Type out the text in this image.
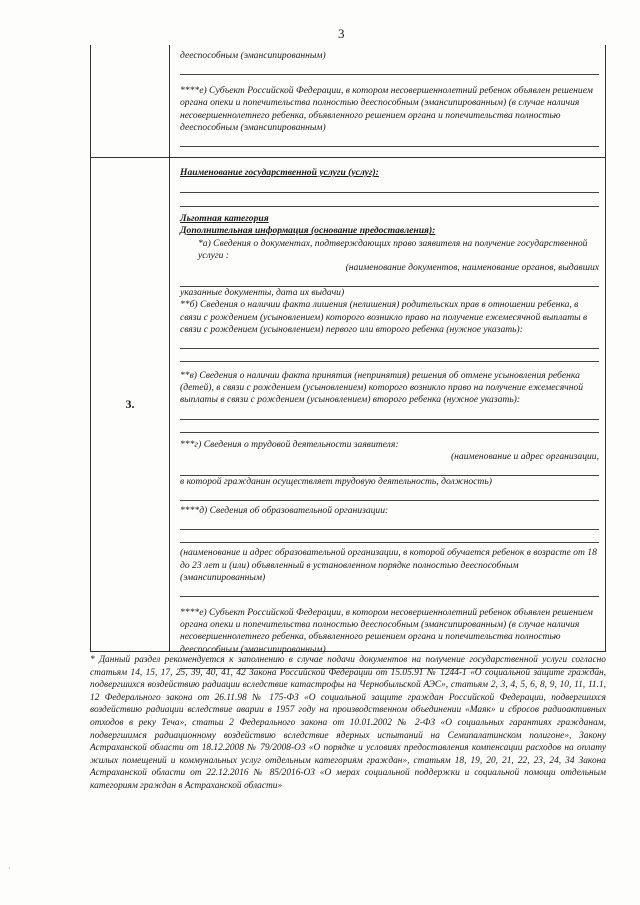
3

дееспособным (эмансипированным)

****е) Субъект Российской Федерации, в котором несовершеннолетний ребенок объявлен решением органа опеки и попечительства полностью дееспособным (эмансипированным) (в случае наличия несовершеннолетнего ребенка, объявленного решением органа и попечительства полностью дееспособным (эмансипированным)

3.

Наименование государственной услуги (услуг):

Льготная категория

Дополнительная информация (основание предоставления):

*а) Сведения о документах, подтверждающих право заявителя на получение государственной услуги :

(наименование документов, наименование органов, выдавших

указанные документы, дата их выдачи)

**б) Сведения о наличии факта лишения (нелишения) родительских прав в отношении ребенка, в связи с рождением (усыновлением) которого возникло право на получение ежемесячной выплаты в связи с рождением (усыновлением) первого или второго ребенка (нужное указать):

**в) Сведения о наличии факта принятия (непринятия) решения об отмене усыновления ребенка (детей), в связи с рождением (усыновлением) которого возникло право на получение ежемесячной выплаты в связи с рождением (усыновлением) второго ребенка (нужное указать):

***г) Сведения о трудовой деятельности заявителя:

(наименование и адрес организации,

в которой гражданин осуществляет трудовую деятельность, должность)

****д) Сведения об образовательной организации:

(наименование и адрес образовательной организации, в которой обучается ребенок в возрасте от 18 до 23 лет и (или) объявленный в установленном порядке полностью дееспособным (эмансипированным)

****е) Субъект Российской Федерации, в котором несовершеннолетний ребенок объявлен решением органа опеки и попечительства полностью дееспособным (эмансипированным) (в случае наличия несовершеннолетнего ребенка, объявленного решением органа и попечительства полностью дееспособным (эмансипированным)

* Данный раздел рекомендуется к заполнению в случае подачи документов на получение государственной услуги согласно статьям 14, 15, 17, 25, 39, 40, 41, 42 Закона Российской Федерации от 15.05.91 № 1244-1 «О социальной защите граждан, подвергшихся воздействию радиации вследствие катастрофы на Чернобыльской АЭС», статьям 2, 3, 4, 5, 6, 8, 9, 10, 11, 11.1, 12 Федерального закона от 26.11.98 № 175-ФЗ «О социальной защите граждан Российской Федерации, подвергшихся воздействию радиации вследствие аварии в 1957 году на производственном объединении «Маяк» и сбросов радиоактивных отходов в реку Теча», статьи 2 Федерального закона от 10.01.2002 № 2-ФЗ «О социальных гарантиях гражданам, подвергшимся радиационному воздействию вследствие ядерных испытаний на Семипалатинском полигоне», Закону Астраханской области от 18.12.2008 № 79/2008-ОЗ «О порядке и условиях предоставления компенсации расходов на оплату жилых помещений и коммунальных услуг отдельным категориям граждан», статьям 18, 19, 20, 21, 22, 23, 24, 34 Закона Астраханской области от 22.12.2016 № 85/2016-ОЗ «О мерах социальной поддержки и социальной помощи отдельным категориям граждан в Астраханской области»

·
